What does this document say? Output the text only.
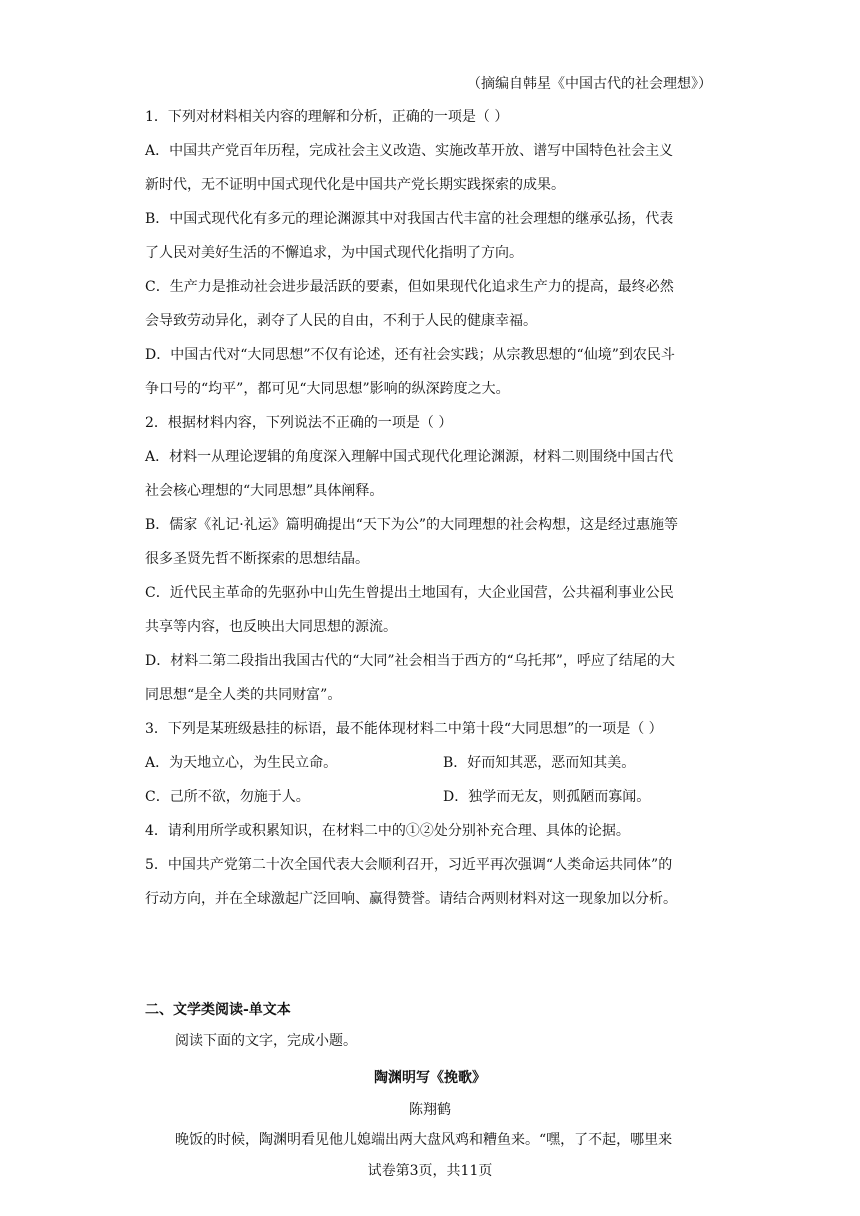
（摘编自韩星《中国古代的社会理想》）
1．下列对材料相关内容的理解和分析，正确的一项是（ ）
A．中国共产党百年历程，完成社会主义改造、实施改革开放、谱写中国特色社会主义
新时代，无不证明中国式现代化是中国共产党长期实践探索的成果。
B．中国式现代化有多元的理论渊源其中对我国古代丰富的社会理想的继承弘扬，代表
了人民对美好生活的不懈追求，为中国式现代化指明了方向。
C．生产力是推动社会进步最活跃的要素，但如果现代化追求生产力的提高，最终必然
会导致劳动异化，剥夺了人民的自由，不利于人民的健康幸福。
D．中国古代对“大同思想”不仅有论述，还有社会实践；从宗教思想的“仙境”到农民斗
争口号的“均平”，都可见“大同思想”影响的纵深跨度之大。
2．根据材料内容，下列说法不正确的一项是（ ）
A．材料一从理论逻辑的角度深入理解中国式现代化理论渊源，材料二则围绕中国古代
社会核心理想的“大同思想”具体阐释。
B．儒家《礼记·礼运》篇明确提出“天下为公”的大同理想的社会构想，这是经过惠施等
很多圣贤先哲不断探索的思想结晶。
C．近代民主革命的先驱孙中山先生曾提出土地国有，大企业国营，公共福利事业公民
共享等内容，也反映出大同思想的源流。
D．材料二第二段指出我国古代的“大同”社会相当于西方的“乌托邦”，呼应了结尾的大
同思想“是全人类的共同财富”。
3．下列是某班级悬挂的标语，最不能体现材料二中第十段“大同思想”的一项是（ ）
A．为天地立心，为生民立命。	B．好而知其恶，恶而知其美。
C．己所不欲，勿施于人。	D．独学而无友，则孤陋而寡闻。
4．请利用所学或积累知识，在材料二中的①②处分别补充合理、具体的论据。
5．中国共产党第二十次全国代表大会顺利召开，习近平再次强调“人类命运共同体”的
行动方向，并在全球激起广泛回响、赢得赞誉。请结合两则材料对这一现象加以分析。
二、文学类阅读-单文本
阅读下面的文字，完成小题。
陶渊明写《挽歌》
陈翔鹤
晚饭的时候，陶渊明看见他儿媳端出两大盘风鸡和糟鱼来。“嘿，了不起，哪里来
试卷第3页，共11页
